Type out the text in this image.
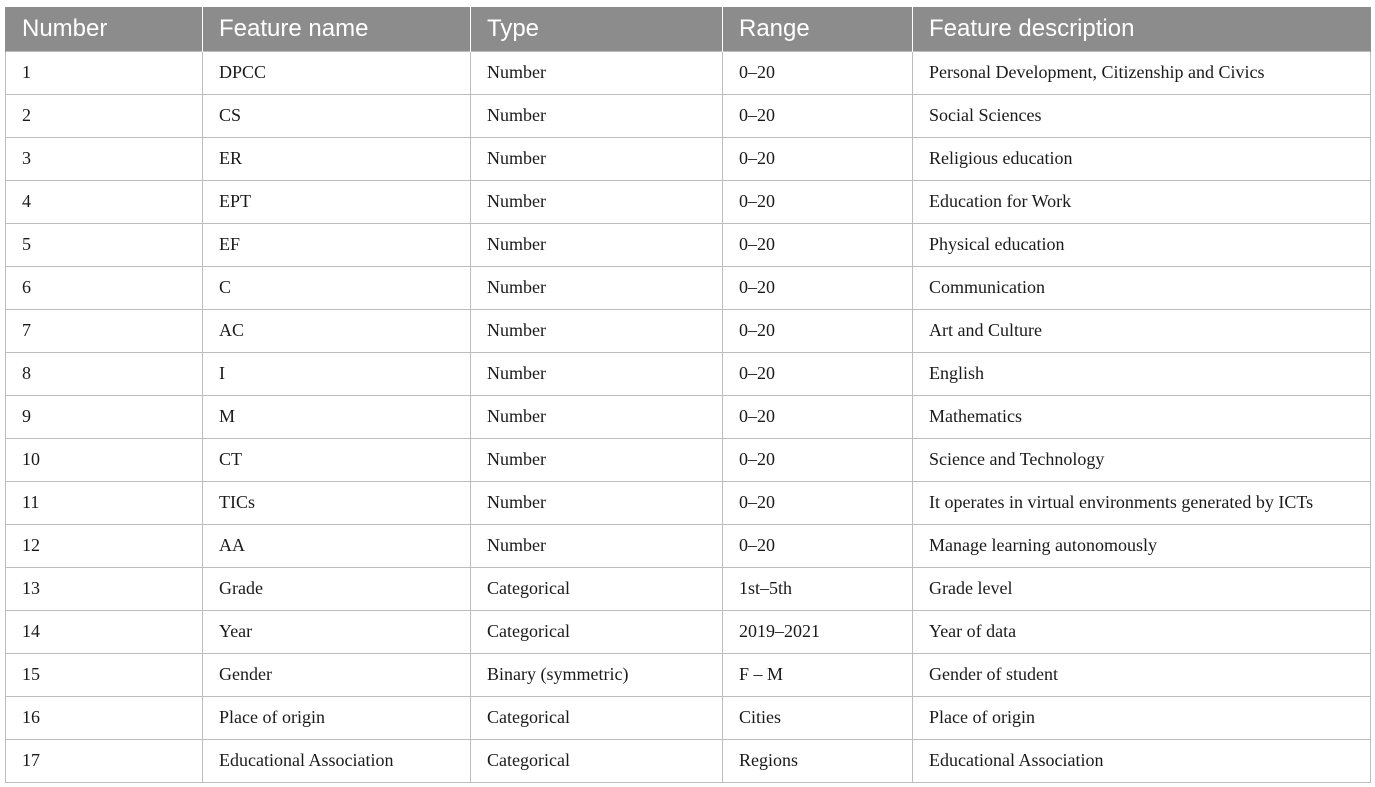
Number	Feature name	Type	Range	Feature description
1	DPCC	Number	0–20	Personal Development, Citizenship and Civics
2	CS	Number	0–20	Social Sciences
3	ER	Number	0–20	Religious education
4	EPT	Number	0–20	Education for Work
5	EF	Number	0–20	Physical education
6	C	Number	0–20	Communication
7	AC	Number	0–20	Art and Culture
8	I	Number	0–20	English
9	M	Number	0–20	Mathematics
10	CT	Number	0–20	Science and Technology
11	TICs	Number	0–20	It operates in virtual environments generated by ICTs
12	AA	Number	0–20	Manage learning autonomously
13	Grade	Categorical	1st–5th	Grade level
14	Year	Categorical	2019–2021	Year of data
15	Gender	Binary (symmetric)	F – M	Gender of student
16	Place of origin	Categorical	Cities	Place of origin
17	Educational Association	Categorical	Regions	Educational Association
